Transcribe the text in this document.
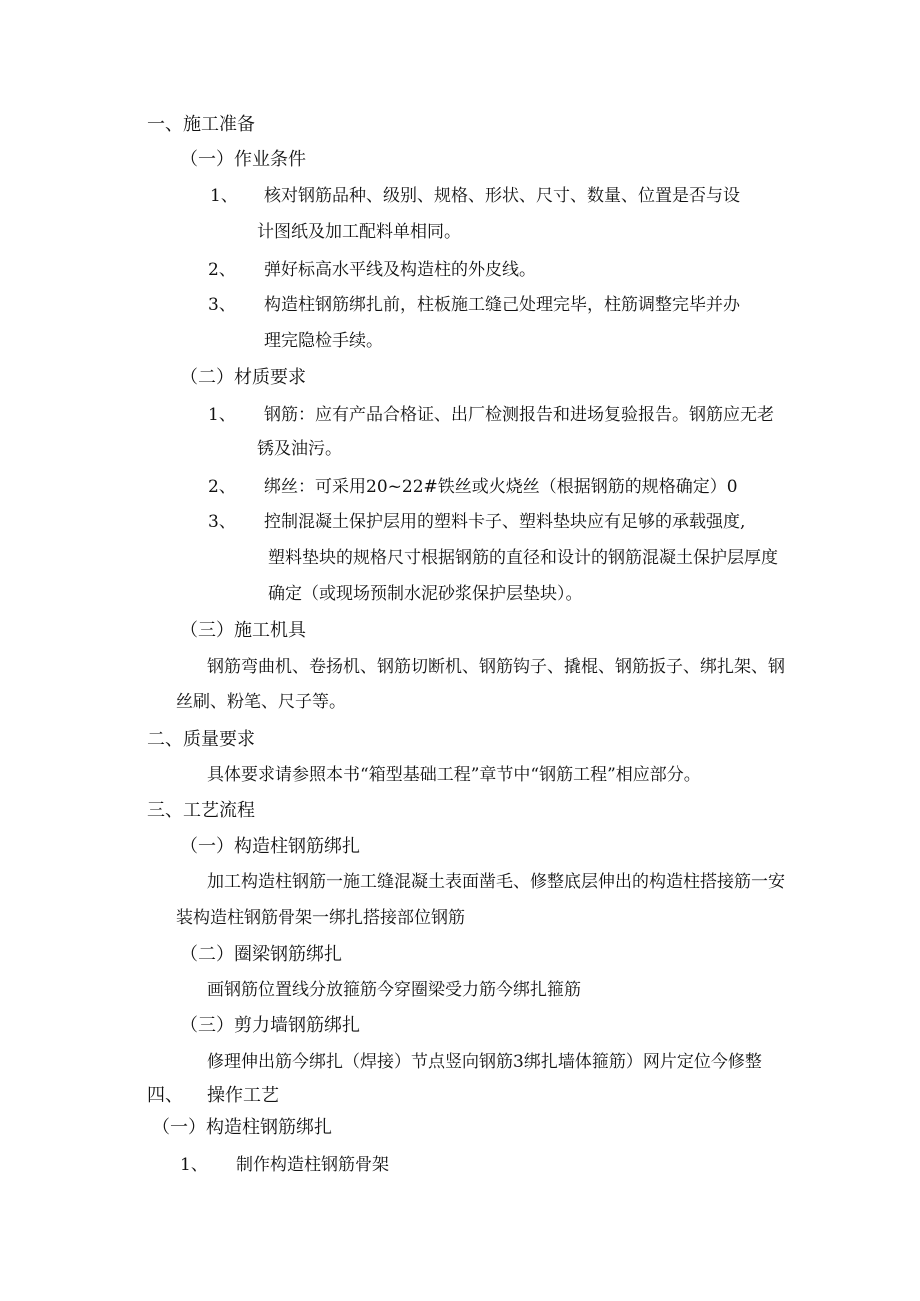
一、施工准备
（一）作业条件
1、 核对钢筋品种、级别、规格、形状、尺寸、数量、位置是否与设
计图纸及加工配料单相同。
2、 弹好标高水平线及构造柱的外皮线。
3、 构造柱钢筋绑扎前，柱板施工缝己处理完毕，柱筋调整完毕并办
理完隐检手续。
（二）材质要求
1、 钢筋：应有产品合格证、出厂检测报告和进场复验报告。钢筋应无老
锈及油污。
2、 绑丝：可采用20~22#铁丝或火烧丝（根据钢筋的规格确定）0
3、 控制混凝土保护层用的塑料卡子、塑料垫块应有足够的承载强度,
塑料垫块的规格尺寸根据钢筋的直径和设计的钢筋混凝土保护层厚度
确定（或现场预制水泥砂浆保护层垫块）。
（三）施工机具
钢筋弯曲机、卷扬机、钢筋切断机、钢筋钩子、撬棍、钢筋扳子、绑扎架、钢
丝刷、粉笔、尺子等。
二、质量要求
具体要求请参照本书“箱型基础工程”章节中“钢筋工程”相应部分。
三、工艺流程
（一）构造柱钢筋绑扎
加工构造柱钢筋一施工缝混凝土表面凿毛、修整底层伸出的构造柱搭接筋一安
装构造柱钢筋骨架一绑扎搭接部位钢筋
（二）圈梁钢筋绑扎
画钢筋位置线分放箍筋今穿圈梁受力筋今绑扎箍筋
（三）剪力墙钢筋绑扎
修理伸出筋今绑扎（焊接）节点竖向钢筋3绑扎墙体箍筋）网片定位今修整
四、 操作工艺
（一）构造柱钢筋绑扎
1、 制作构造柱钢筋骨架
